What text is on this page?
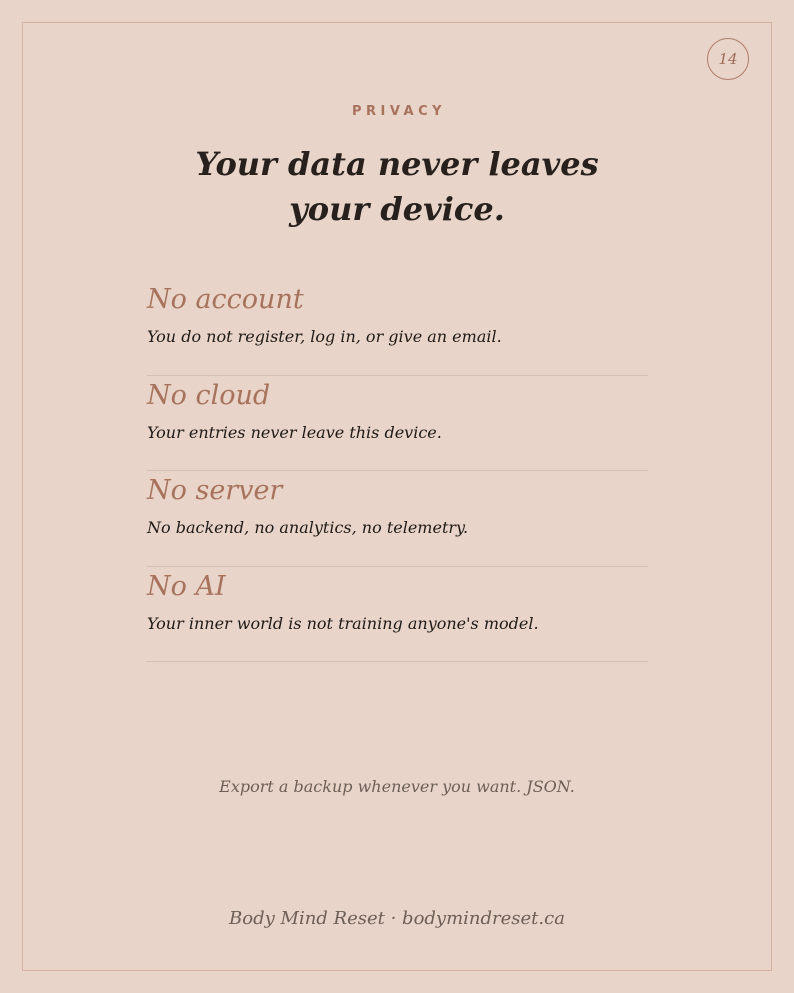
14
PRIVACY
Your data never leaves
your device.
No account
You do not register, log in, or give an email.
No cloud
Your entries never leave this device.
No server
No backend, no analytics, no telemetry.
No AI
Your inner world is not training anyone's model.
Export a backup whenever you want. JSON.
Body Mind Reset · bodymindreset.ca
